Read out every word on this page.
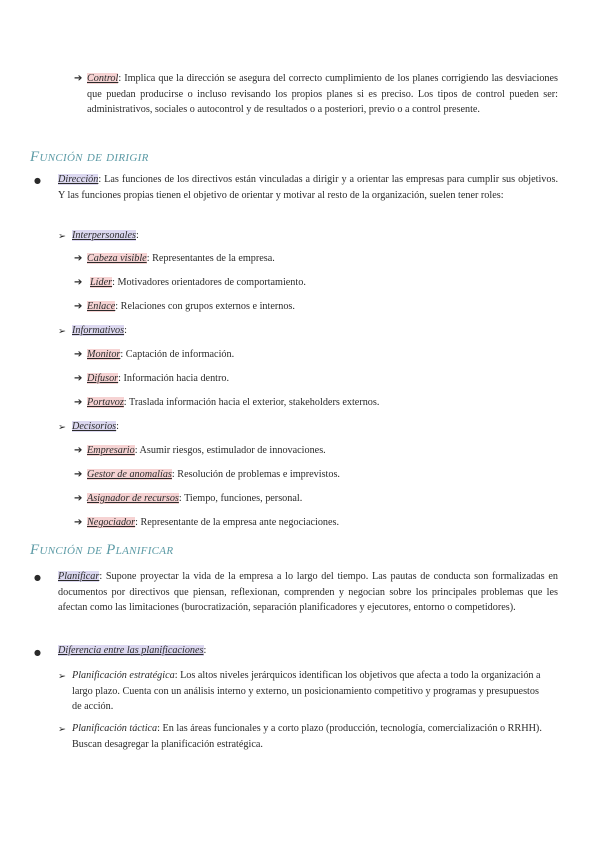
➔ Control: Implica que la dirección se asegura del correcto cumplimiento de los planes corrigiendo las desviaciones que puedan producirse o incluso revisando los propios planes si es preciso. Los tipos de control pueden ser: administrativos, sociales o autocontrol y de resultados o a posteriori, previo o a control presente.
Función de dirigir
● Dirección: Las funciones de los directivos están vinculadas a dirigir y a orientar las empresas para cumplir sus objetivos. Y las funciones propias tienen el objetivo de orientar y motivar al resto de la organización, suelen tener roles:
➢ Interpersonales:
➔ Cabeza visible: Representantes de la empresa.
➔ Líder: Motivadores orientadores de comportamiento.
➔ Enlace: Relaciones con grupos externos e internos.
➢ Informativos:
➔ Monitor: Captación de información.
➔ Difusor: Información hacia dentro.
➔ Portavoz: Traslada información hacia el exterior, stakeholders externos.
➢ Decisorios:
➔ Empresario: Asumir riesgos, estimulador de innovaciones.
➔ Gestor de anomalías: Resolución de problemas e imprevistos.
➔ Asignador de recursos: Tiempo, funciones, personal.
➔ Negociador: Representante de la empresa ante negociaciones.
Función de Planificar
● Planificar: Supone proyectar la vida de la empresa a lo largo del tiempo. Las pautas de conducta son formalizadas en documentos por directivos que piensan, reflexionan, comprenden y negocian sobre los principales problemas que les afectan como las limitaciones (burocratización, separación planificadores y ejecutores, entorno o competidores).
● Diferencia entre las planificaciones:
➢ Planificación estratégica: Los altos niveles jerárquicos identifican los objetivos que afecta a todo la organización a largo plazo. Cuenta con un análisis interno y externo, un posicionamiento competitivo y programas y presupuestos de acción.
➢ Planificación táctica: En las áreas funcionales y a corto plazo (producción, tecnología, comercialización o RRHH). Buscan desagregar la planificación estratégica.
